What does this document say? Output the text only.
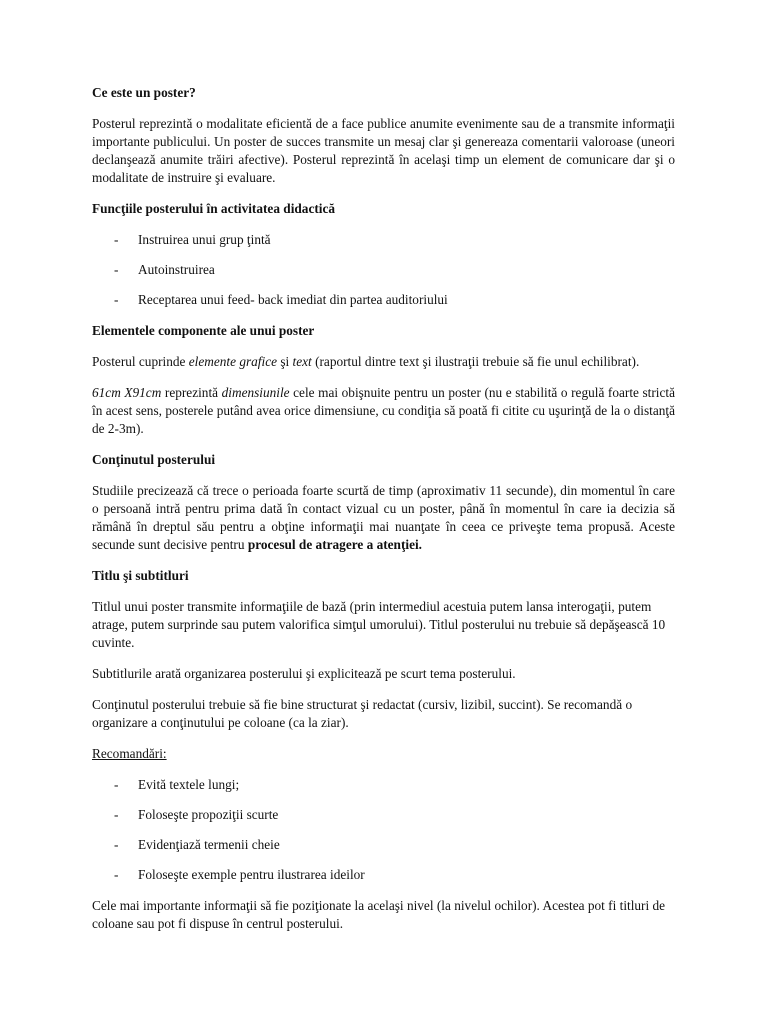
Ce este un poster?
Posterul reprezintă o modalitate eficientă de a face publice anumite evenimente sau de a transmite informaţii importante publicului. Un poster de succes transmite un mesaj clar şi genereaza comentarii valoroase (uneori declanşează anumite trăiri afective). Posterul reprezintă în acelaşi timp un element de comunicare dar şi o modalitate de instruire şi evaluare.
Funcţiile posterului în activitatea didactică
- Instruirea unui grup ţintă
- Autoinstruirea
- Receptarea unui feed- back imediat din partea auditoriului
Elementele componente ale unui poster
Posterul cuprinde elemente grafice şi text (raportul dintre text şi ilustraţii trebuie să fie unul echilibrat).
61cm X91cm reprezintă dimensiunile cele mai obişnuite pentru un poster (nu e stabilită o regulă foarte strictă în acest sens, posterele putând avea orice dimensiune, cu condiţia să poată fi citite cu uşurinţă de la o distanţă de 2-3m).
Conţinutul posterului
Studiile precizează că trece o perioada foarte scurtă de timp (aproximativ 11 secunde), din momentul în care o persoană intră pentru prima dată în contact vizual cu un poster, până în momentul în care ia decizia să rămână în dreptul său pentru a obţine informaţii mai nuanţate în ceea ce priveşte tema propusă. Aceste secunde sunt decisive pentru procesul de atragere a atenţiei.
Titlu şi subtitluri
Titlul unui poster transmite informaţiile de bază (prin intermediul acestuia putem lansa interogaţii, putem atrage, putem surprinde sau putem valorifica simţul umorului). Titlul posterului nu trebuie să depăşească 10 cuvinte.
Subtitlurile arată organizarea posterului şi explicitează pe scurt tema posterului.
Conţinutul posterului trebuie să fie bine structurat şi redactat (cursiv, lizibil, succint). Se recomandă o organizare a conţinutului pe coloane (ca la ziar).
Recomandări:
- Evită textele lungi;
- Foloseşte propoziţii scurte
- Evidenţiază termenii cheie
- Foloseşte exemple pentru ilustrarea ideilor
Cele mai importante informaţii să fie poziţionate la acelaşi nivel (la nivelul ochilor). Acestea pot fi titluri de coloane sau pot fi dispuse în centrul posterului.
